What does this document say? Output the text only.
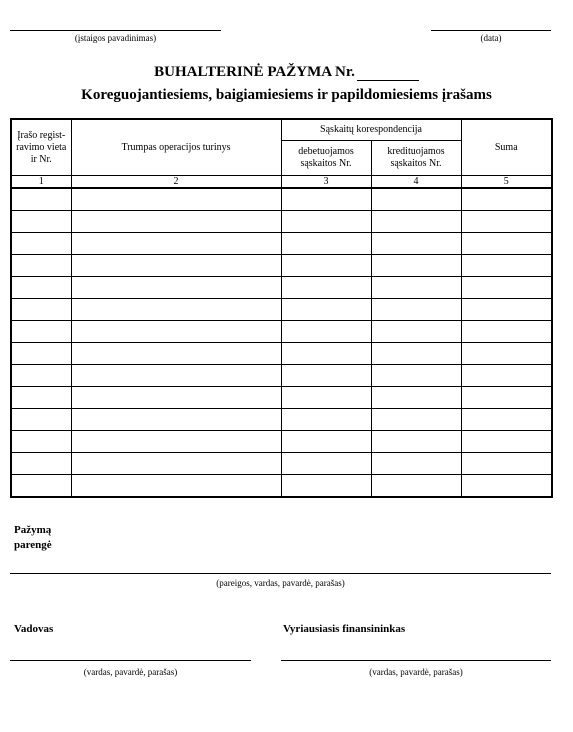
(įstaigos pavadinimas)	(data)
BUHALTERINĖ PAŽYMA Nr.
Koreguojantiesiems, baigiamiesiems ir papildomiesiems įrašams
Įrašo regist-ravimo vieta ir Nr.	Trumpas operacijos turinys	Sąskaitų korespondencija		Suma
		debetuojamos sąskaitos Nr.	kredituojamos sąskaitos Nr.	
1	2	3	4	5

Pažymą
parengė
(pareigos, vardas, pavardė, parašas)
Vadovas
(vardas, pavardė, parašas)
Vyriausiasis finansininkas
(vardas, pavardė, parašas)
